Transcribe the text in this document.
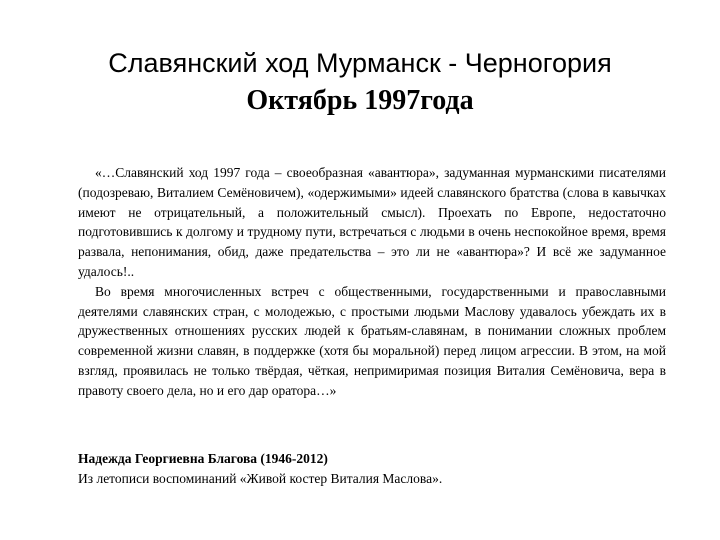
Славянский ход Мурманск - Черногория
Октябрь 1997года

«…Славянский ход 1997 года – своеобразная «авантюра», задуманная мурманскими писателями (подозреваю, Виталием Семёновичем), «одержимыми» идеей славянского братства (слова в кавычках имеют не отрицательный, а положительный смысл). Проехать по Европе, недостаточно подготовившись к долгому и трудному пути, встречаться с людьми в очень неспокойное время, время развала, непонимания, обид, даже предательства – это ли не «авантюра»? И всё же задуманное удалось!..

Во время многочисленных встреч с общественными, государственными и православными деятелями славянских стран, с молодежью, с простыми людьми Маслову удавалось убеждать их в дружественных отношениях русских людей к братьям-славянам, в понимании сложных проблем современной жизни славян, в поддержке (хотя бы моральной) перед лицом агрессии. В этом, на мой взгляд, проявилась не только твёрдая, чёткая, непримиримая позиция Виталия Семёновича, вера в правоту своего дела, но и его дар оратора…»

Надежда Георгиевна Благова (1946-2012)
Из летописи воспоминаний «Живой костер Виталия Маслова».
